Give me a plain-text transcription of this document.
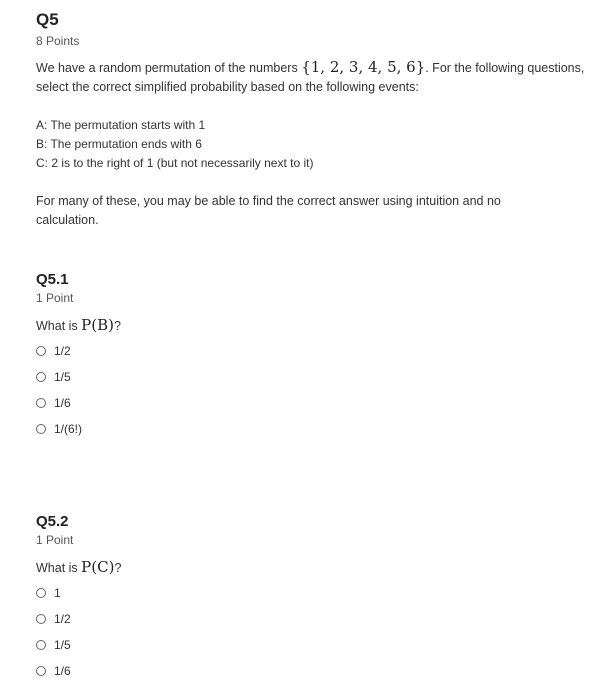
Q5
8 Points

We have a random permutation of the numbers {1, 2, 3, 4, 5, 6}. For the following questions,

select the correct simplified probability based on the following events:

A: The permutation starts with 1

B: The permutation ends with 6

C: 2 is to the right of 1 (but not necessarily next to it)

For many of these, you may be able to find the correct answer using intuition and no

calculation.

Q5.1
1 Point
What is P(B)?
1/2
1/5
1/6
1/(6!)
Q5.2
1 Point
What is P(C)?
1
1/2
1/5
1/6
